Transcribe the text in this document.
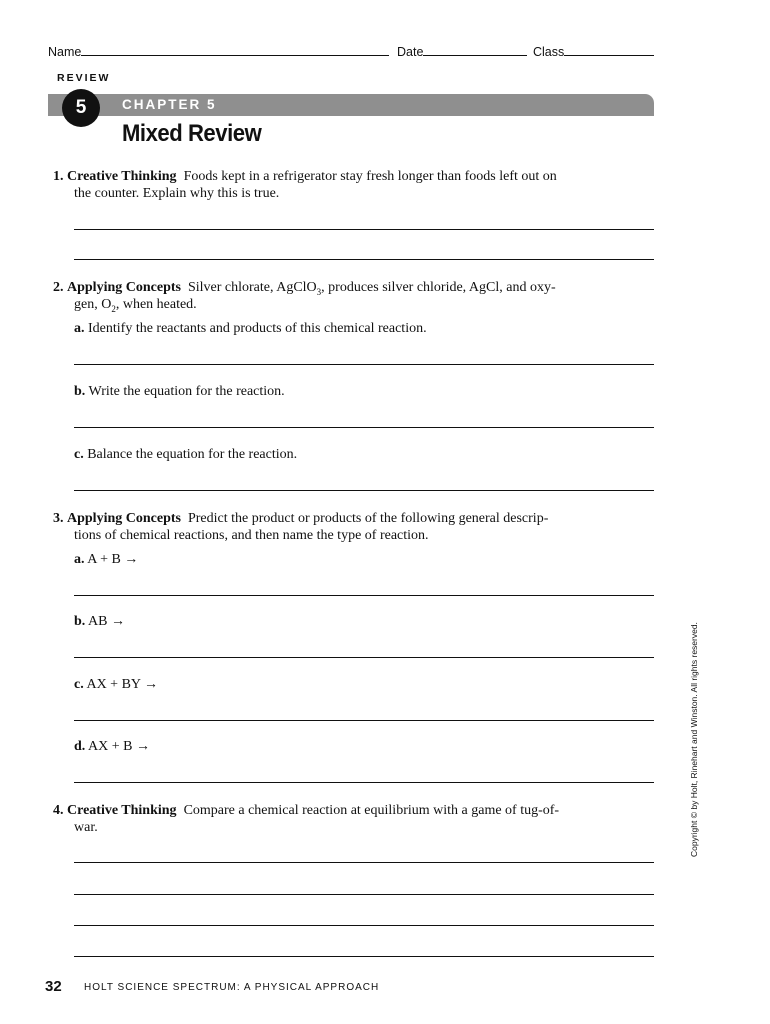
Name	Date	Class
REVIEW
5	CHAPTER 5
Mixed Review
1. Creative Thinking Foods kept in a refrigerator stay fresh longer than foods left out on
the counter. Explain why this is true.
2. Applying Concepts Silver chlorate, AgClO$_3$, produces silver chloride, AgCl, and oxy-
gen, $O_2$, when heated.
a. Identify the reactants and products of this chemical reaction.
b. Write the equation for the reaction.
c. Balance the equation for the reaction.
3. Applying Concepts Predict the product or products of the following general descrip-
tions of chemical reactions, and then name the type of reaction.
a. A + B →
b. AB →
c. AX + BY →
d. AX + B →
4. Creative Thinking Compare a chemical reaction at equilibrium with a game of tug-of-
war.	Copyright © by Holt, Rinehart and Winston. All rights reserved.
32 HOLT SCIENCE SPECTRUM: A PHYSICAL APPROACH
